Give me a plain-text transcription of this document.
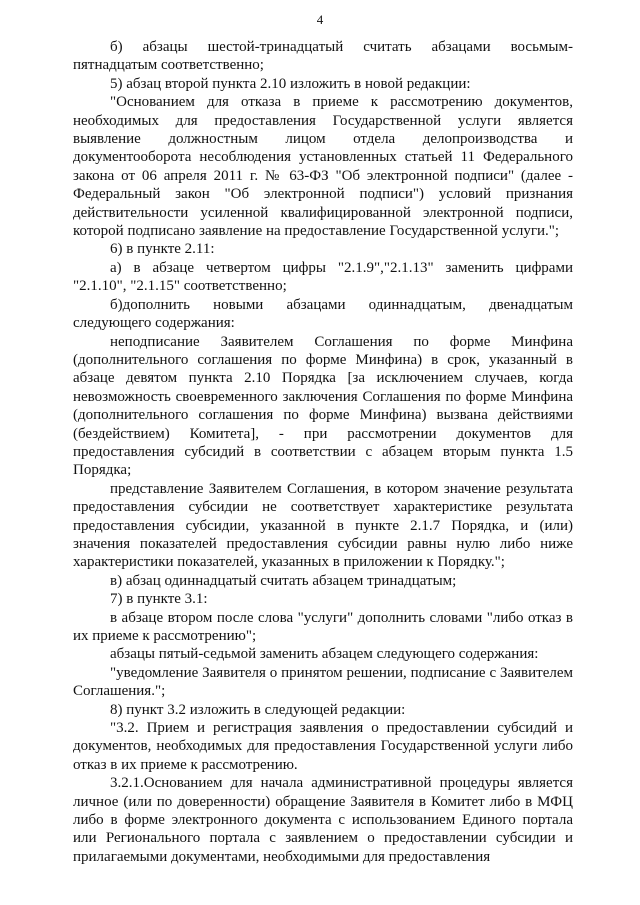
4

б) абзацы шестой-тринадцатый считать абзацами восьмым-пятнадцатым соответственно;

5) абзац второй пункта 2.10 изложить в новой редакции:

"Основанием для отказа в приеме к рассмотрению документов, необходимых для предоставления Государственной услуги является выявление должностным лицом отдела делопроизводства и документооборота несоблюдения установленных статьей 11 Федерального закона от 06 апреля 2011 г. № 63-ФЗ "Об электронной подписи" (далее - Федеральный закон "Об электронной подписи") условий признания действительности усиленной квалифицированной электронной подписи, которой подписано заявление на предоставление Государственной услуги.";

6) в пункте 2.11:

а) в абзаце четвертом цифры "2.1.9","2.1.13" заменить цифрами "2.1.10", "2.1.15" соответственно;

б)дополнить новыми абзацами одиннадцатым, двенадцатым следующего содержания:

неподписание Заявителем Соглашения по форме Минфина (дополнительного соглашения по форме Минфина) в срок, указанный в абзаце девятом пункта 2.10 Порядка [за исключением случаев, когда невозможность своевременного заключения Соглашения по форме Минфина (дополнительного соглашения по форме Минфина) вызвана действиями (бездействием) Комитета], - при рассмотрении документов для предоставления субсидий в соответствии с абзацем вторым пункта 1.5 Порядка;

представление Заявителем Соглашения, в котором значение результата предоставления субсидии не соответствует характеристике результата предоставления субсидии, указанной в пункте 2.1.7 Порядка, и (или) значения показателей предоставления субсидии равны нулю либо ниже характеристики показателей, указанных в приложении к Порядку.";

в) абзац одиннадцатый считать абзацем тринадцатым;

7) в пункте 3.1:

в абзаце втором после слова "услуги" дополнить словами "либо отказ в их приеме к рассмотрению";

абзацы пятый-седьмой заменить абзацем следующего содержания:

"уведомление Заявителя о принятом решении, подписание с Заявителем Соглашения.";

8) пункт 3.2 изложить в следующей редакции:

"3.2. Прием и регистрация заявления о предоставлении субсидий и документов, необходимых для предоставления Государственной услуги либо отказ в их приеме к рассмотрению.

3.2.1.Основанием для начала административной процедуры является личное (или по доверенности) обращение Заявителя в Комитет либо в МФЦ либо в форме электронного документа с использованием Единого портала или Регионального портала с заявлением о предоставлении субсидии и прилагаемыми документами, необходимыми для предоставления
